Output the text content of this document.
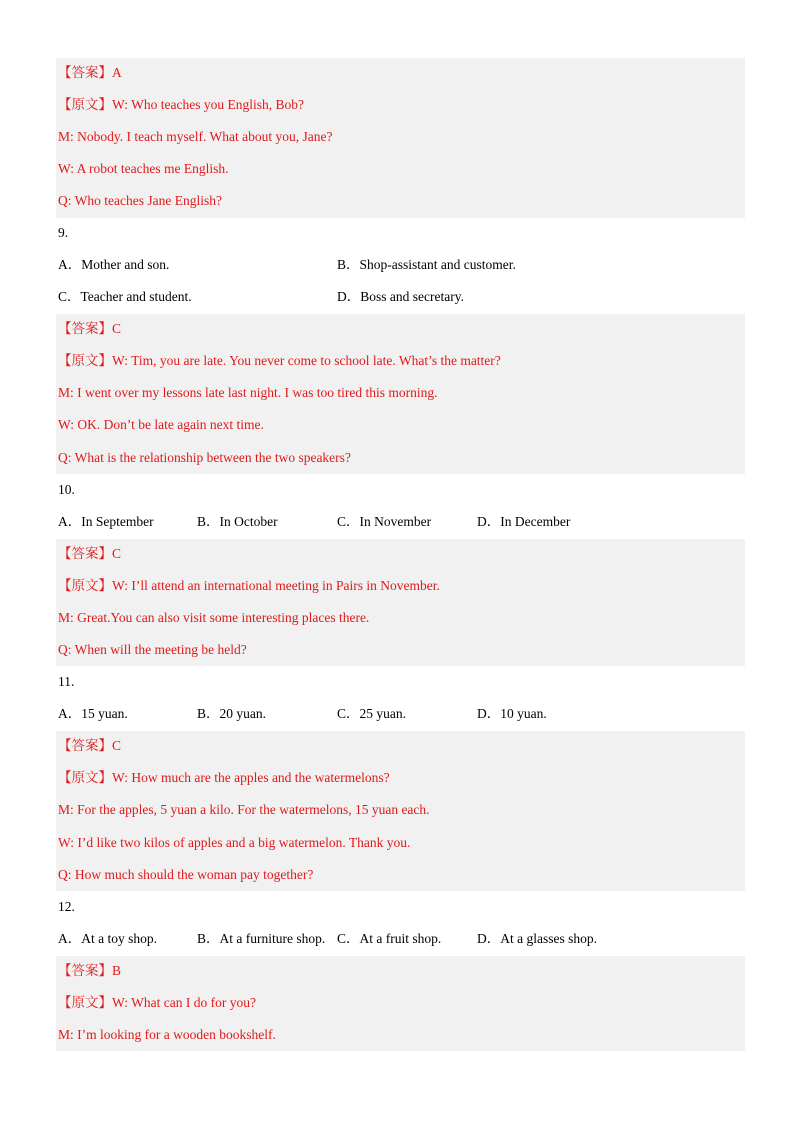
【答案】A
【原文】W: Who teaches you English, Bob?
M: Nobody. I teach myself. What about you, Jane?
W: A robot teaches me English.
Q: Who teaches Jane English?
9.
A．Mother and son.	B．Shop-assistant and customer.
C．Teacher and student.	D．Boss and secretary.
【答案】C
【原文】W: Tim, you are late. You never come to school late. What’s the matter?
M: I went over my lessons late last night. I was too tired this morning.
W: OK. Don’t be late again next time.
Q: What is the relationship between the two speakers?
10.
A．In September	B．In October	C．In November	D．In December
【答案】C
【原文】W: I’ll attend an international meeting in Pairs in November.
M: Great.You can also visit some interesting places there.
Q: When will the meeting be held?
11.
A．15 yuan.	B．20 yuan.	C．25 yuan.	D．10 yuan.
【答案】C
【原文】W: How much are the apples and the watermelons?
M: For the apples, 5 yuan a kilo. For the watermelons, 15 yuan each.
W: I’d like two kilos of apples and a big watermelon. Thank you.
Q: How much should the woman pay together?
12.
A．At a toy shop.	B．At a furniture shop. C．At a fruit shop.	D．At a glasses shop.
【答案】B
【原文】W: What can I do for you?
M: I’m looking for a wooden bookshelf.
